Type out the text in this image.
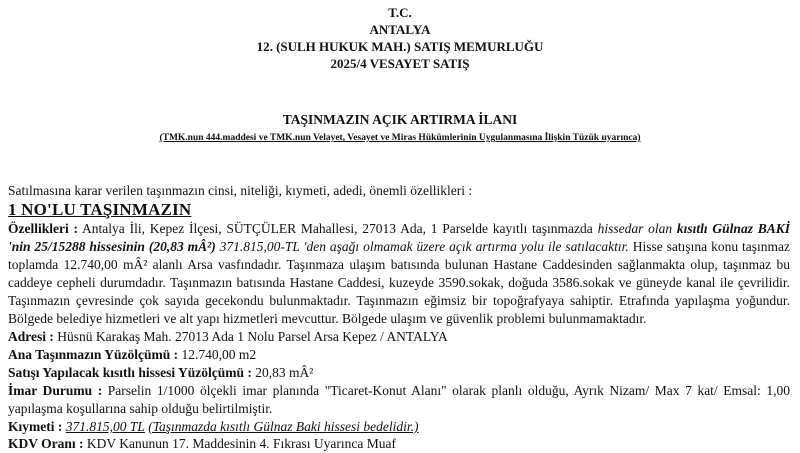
T.C.
ANTALYA
12. (SULH HUKUK MAH.) SATIŞ MEMURLUĞU
2025/4 VESAYET SATIŞ
TAŞINMAZIN AÇIK ARTIRMA İLANI
(TMK.nun 444.maddesi ve TMK.nun Velayet, Vesayet ve Miras Hükümlerinin Uygulanmasına İlişkin Tüzük uyarınca)
Satılmasına karar verilen taşınmazın cinsi, niteliği, kıymeti, adedi, önemli özellikleri :
1 NO'LU TAŞINMAZIN
Özellikleri : Antalya İli, Kepez İlçesi, SÜTÇÜLER Mahallesi, 27013 Ada, 1 Parselde kayıtlı taşınmazda hissedar olan kısıtlı Gülnaz BAKİ 'nin 25/15288 hissesinin (20,83 mÂ²) 371.815,00-TL 'den aşağı olmamak üzere açık artırma yolu ile satılacaktır. Hisse satışına konu taşınmaz toplamda 12.740,00 mÂ² alanlı Arsa vasfındadır. Taşınmaza ulaşım batısında bulunan Hastane Caddesinden sağlanmakta olup, taşınmaz bu caddeye cepheli durumdadır. Taşınmazın batısında Hastane Caddesi, kuzeyde 3590.sokak, doğuda 3586.sokak ve güneyde kanal ile çevrilidir. Taşınmazın çevresinde çok sayıda gecekondu bulunmaktadır. Taşınmazın eğimsiz bir topoğrafyaya sahiptir. Etrafında yapılaşma yoğundur. Bölgede belediye hizmetleri ve alt yapı hizmetleri mevcuttur. Bölgede ulaşım ve güvenlik problemi bulunmamaktadır.
Adresi : Hüsnü Karakaş Mah. 27013 Ada 1 Nolu Parsel Arsa Kepez / ANTALYA
Ana Taşınmazın Yüzölçümü : 12.740,00 m2
Satışı Yapılacak kısıtlı hissesi Yüzölçümü : 20,83 mÂ²
İmar Durumu : Parselin 1/1000 ölçekli imar planında "Ticaret-Konut Alanı" olarak planlı olduğu, Ayrık Nizam/ Max 7 kat/ Emsal: 1,00 yapılaşma koşullarına sahip olduğu belirtilmiştir.
Kıymeti : 371.815,00 TL (Taşınmazda kısıtlı Gülnaz Baki hissesi bedelidir.)
KDV Oranı : KDV Kanunun 17. Maddesinin 4. Fıkrası Uyarınca Muaf
